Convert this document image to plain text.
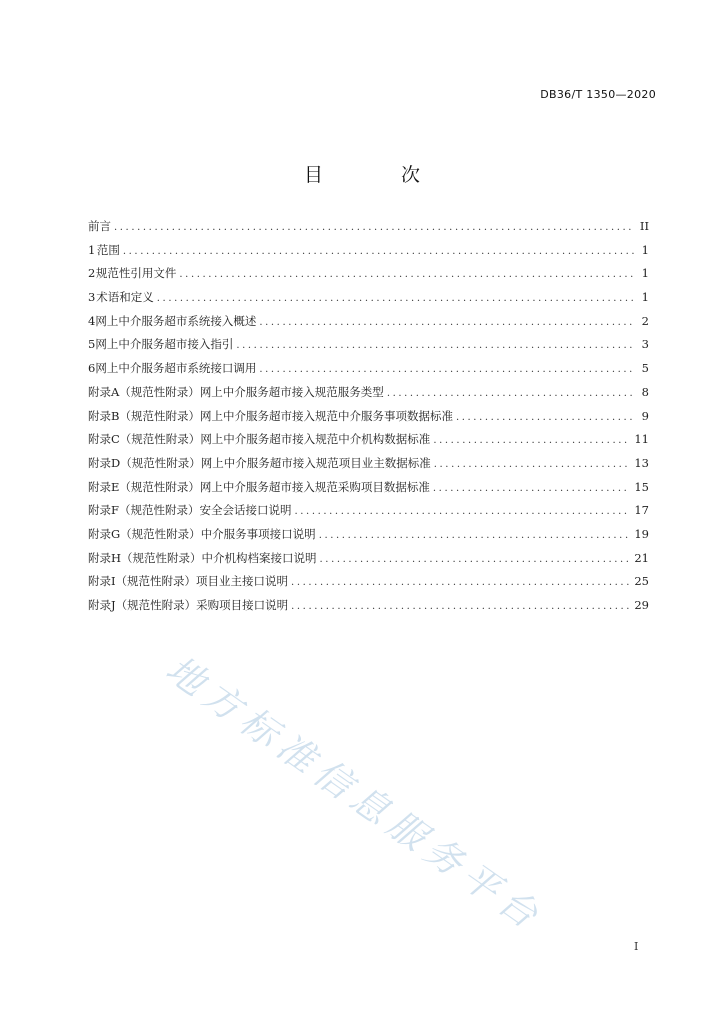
DB36/T 1350—2020
目 次
前言 .....	II
1 范围 .....	1
2 规范性引用文件 .....	1
3 术语和定义 .....	1
4 网上中介服务超市系统接入概述 .....	2
5 网上中介服务超市接入指引 .....	3
6 网上中介服务超市系统接口调用 .....	5
附录A（规范性附录） 网上中介服务超市接入规范服务类型 .....	8
附录B（规范性附录） 网上中介服务超市接入规范中介服务事项数据标准 .....	9
附录C（规范性附录） 网上中介服务超市接入规范中介机构数据标准 .....	11
附录D（规范性附录） 网上中介服务超市接入规范项目业主数据标准 .....	13
附录E（规范性附录） 网上中介服务超市接入规范采购项目数据标准 .....	15
附录F（规范性附录） 安全会话接口说明 .....	17
附录G（规范性附录） 中介服务事项接口说明 .....	19
附录H（规范性附录） 中介机构档案接口说明 .....	21
附录I（规范性附录） 项目业主接口说明 .....	25
附录J（规范性附录） 采购项目接口说明 .....	29
地方标准信息服务平台
I
